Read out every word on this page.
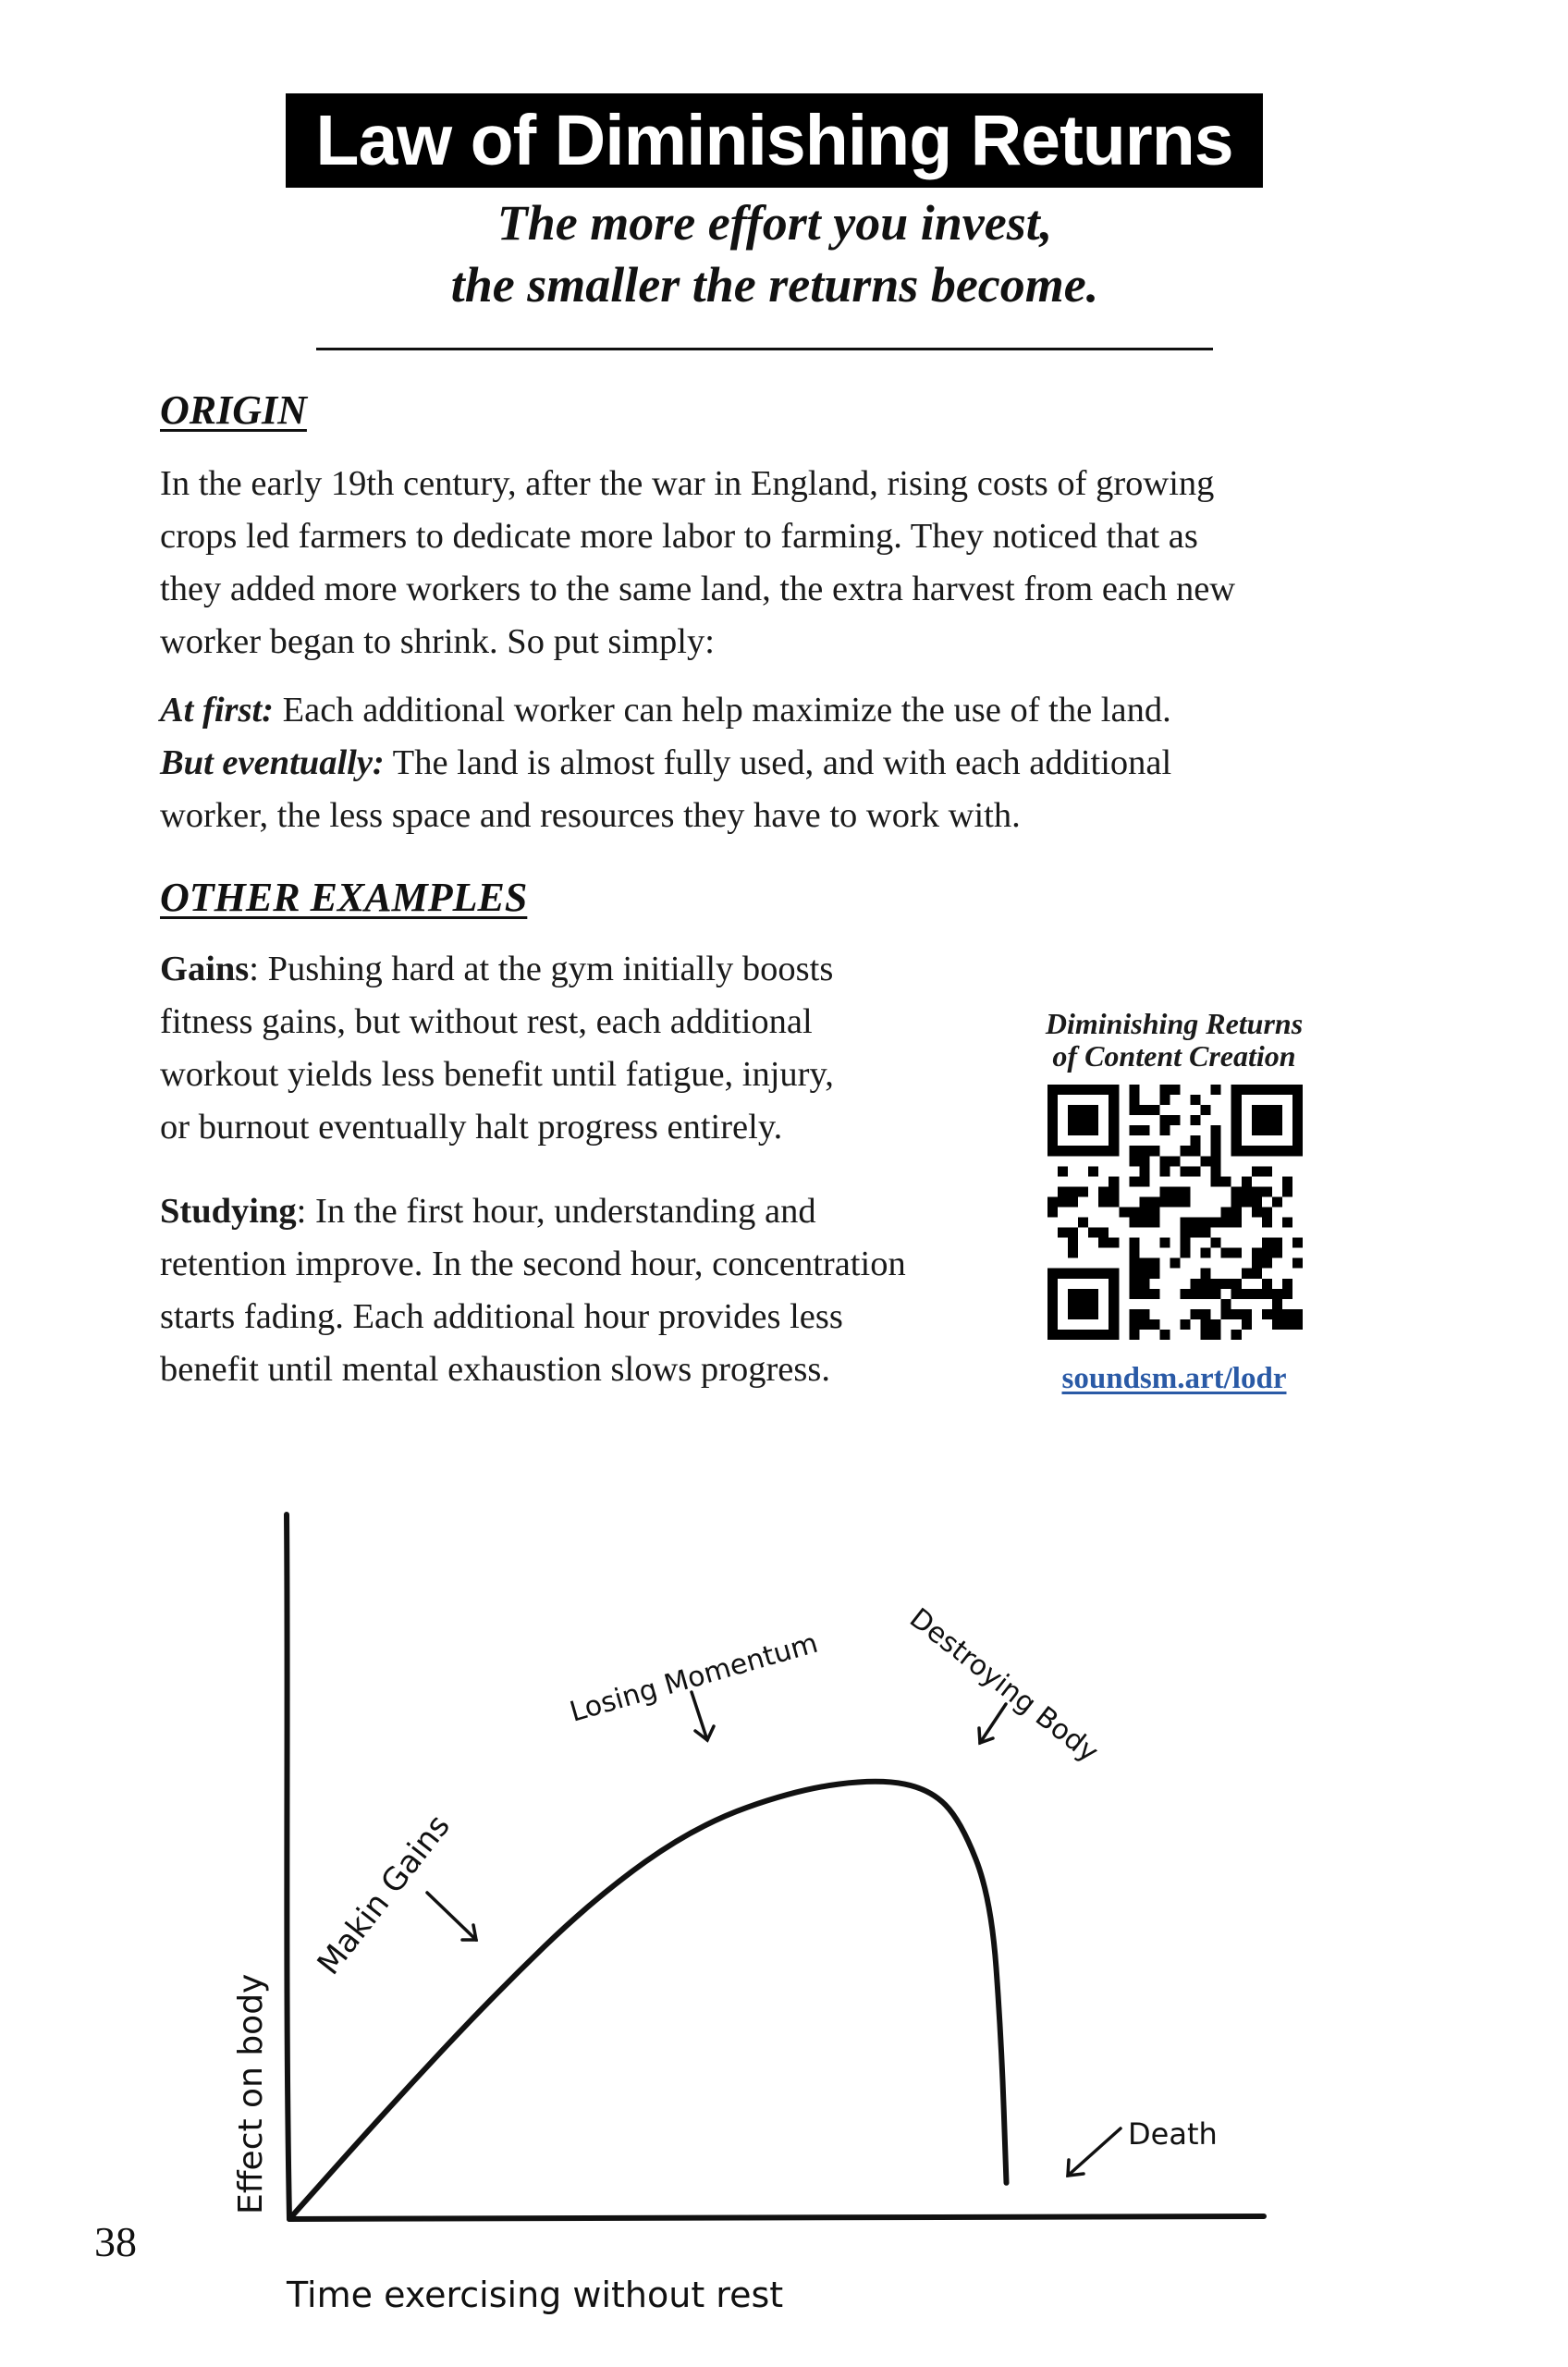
Law of Diminishing Returns
The more effort you invest,
the smaller the returns become.
ORIGIN
In the early 19th century, after the war in England, rising costs of growing
crops led farmers to dedicate more labor to farming. They noticed that as
they added more workers to the same land, the extra harvest from each new
worker began to shrink. So put simply:
At first: Each additional worker can help maximize the use of the land.
But eventually: The land is almost fully used, and with each additional
worker, the less space and resources they have to work with.
OTHER EXAMPLES
Gains: Pushing hard at the gym initially boosts
fitness gains, but without rest, each additional
workout yields less benefit until fatigue, injury,
or burnout eventually halt progress entirely.
Studying: In the first hour, understanding and
retention improve. In the second hour, concentration
starts fading. Each additional hour provides less
benefit until mental exhaustion slows progress.
Diminishing Returns
of Content Creation
soundsm.art/lodr
Makin Gains
Losing Momentum	Destroying Body
Death
Effect on body
Time exercising without rest
38
